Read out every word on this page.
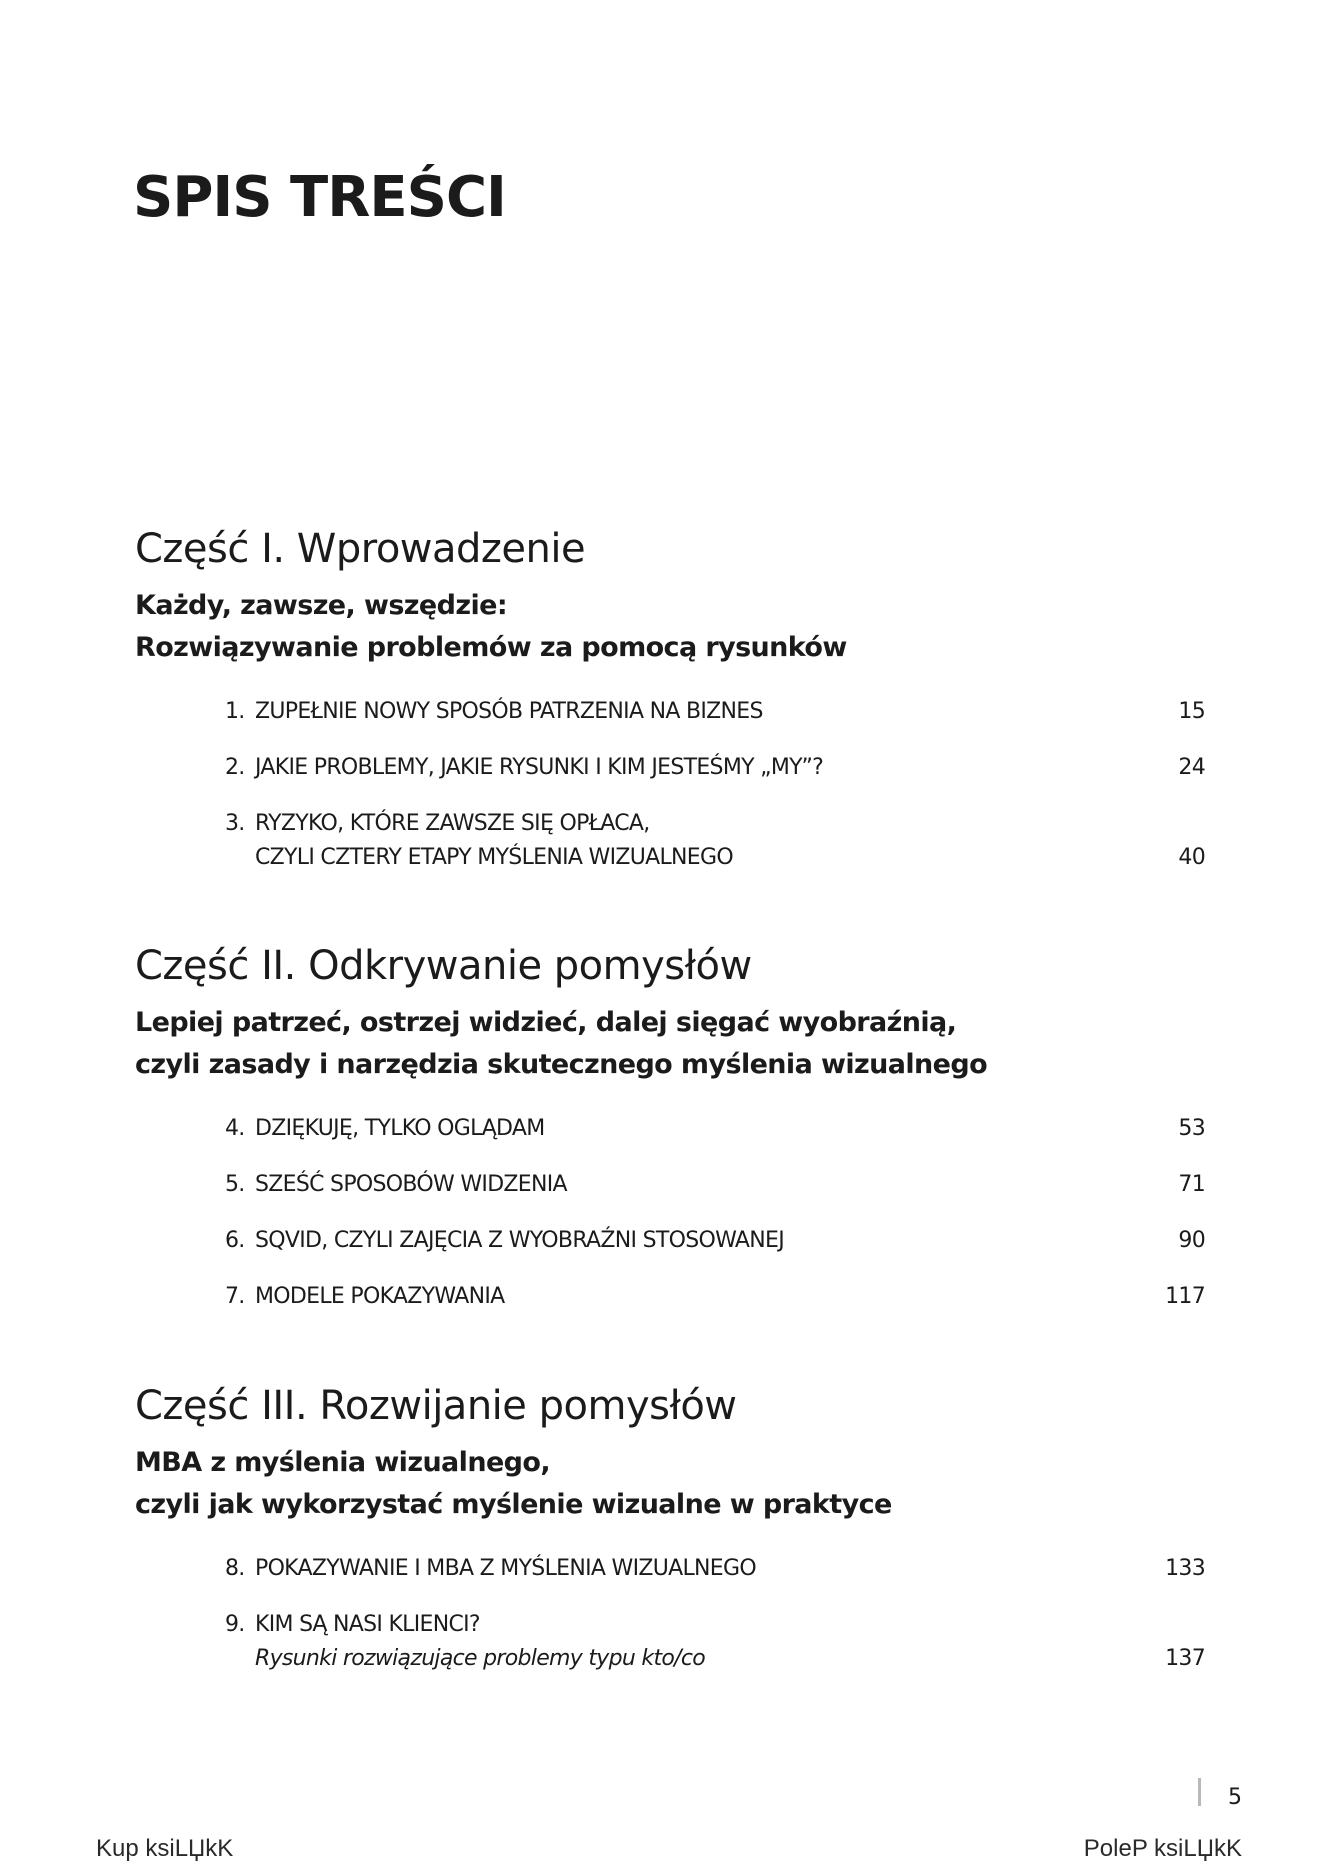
SPIS TREŚCI
Część I. Wprowadzenie
Każdy, zawsze, wszędzie:
Rozwiązywanie problemów za pomocą rysunków
1. ZUPEŁNIE NOWY SPOSÓB PATRZENIA NA BIZNES	15
2. JAKIE PROBLEMY, JAKIE RYSUNKI I KIM JESTEŚMY „MY”?	24
3. RYZYKO, KTÓRE ZAWSZE SIĘ OPŁACA,
CZYLI CZTERY ETAPY MYŚLENIA WIZUALNEGO	40
Część II. Odkrywanie pomysłów
Lepiej patrzeć, ostrzej widzieć, dalej sięgać wyobraźnią,
czyli zasady i narzędzia skutecznego myślenia wizualnego
4. DZIĘKUJĘ, TYLKO OGLĄDAM	53
5. SZEŚĆ SPOSOBÓW WIDZENIA	71
6. SQVID, CZYLI ZAJĘCIA Z WYOBRAŹNI STOSOWANEJ	90
7. MODELE POKAZYWANIA	117
Część III. Rozwijanie pomysłów
MBA z myślenia wizualnego,
czyli jak wykorzystać myślenie wizualne w praktyce
8. POKAZYWANIE I MBA Z MYŚLENIA WIZUALNEGO	133
9. KIM SĄ NASI KLIENCI?
Rysunki rozwiązujące problemy typu kto/co	137
5
Kup ksiLЏkK	PoleP ksiLЏkK
